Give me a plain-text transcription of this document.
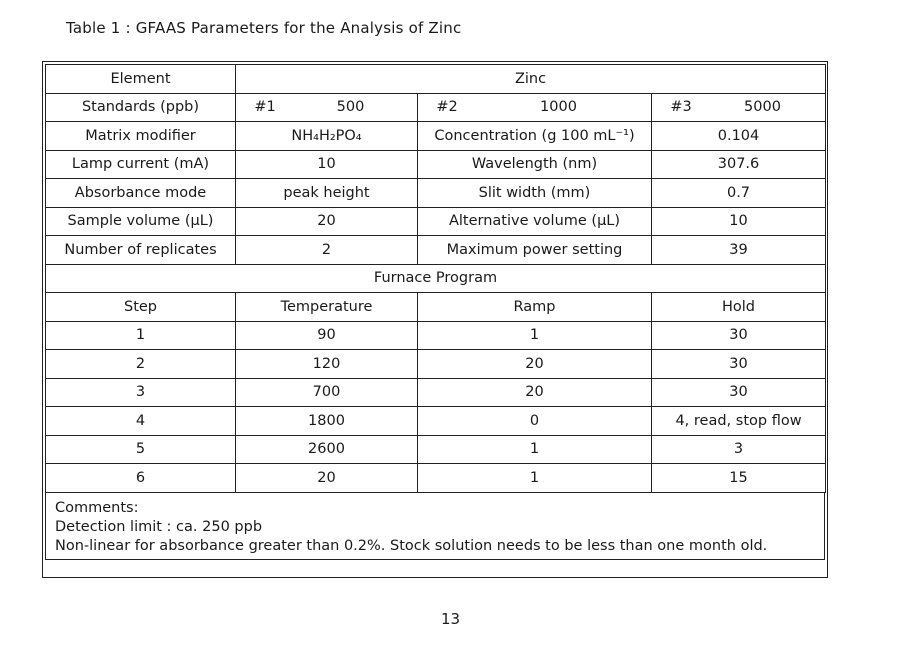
Table 1 : GFAAS Parameters for the Analysis of Zinc
Element	Zinc		
Standards (ppb)	#1 500	#2 1000	#3 5000

Matrix modifier	NH₄H₂PO₄	Concentration (g 100 mL⁻¹)	0.104
Lamp current (mA)	10	Wavelength (nm)	307.6
Absorbance mode	peak height	Slit width (mm)	0.7
Sample volume (μL)	20	Alternative volume (μL)	10
Number of replicates	2	Maximum power setting	39
Furnace Program			
Step	Temperature	Ramp	Hold
1	90	1	30
2	120	20	30
3	700	20	30
4	1800	0	4, read, stop flow
5	2600	1	3
6	20	1	15
Comments:
Detection limit : ca. 250 ppb
Non-linear for absorbance greater than 0.2%. Stock solution needs to be less than one month old.
13
